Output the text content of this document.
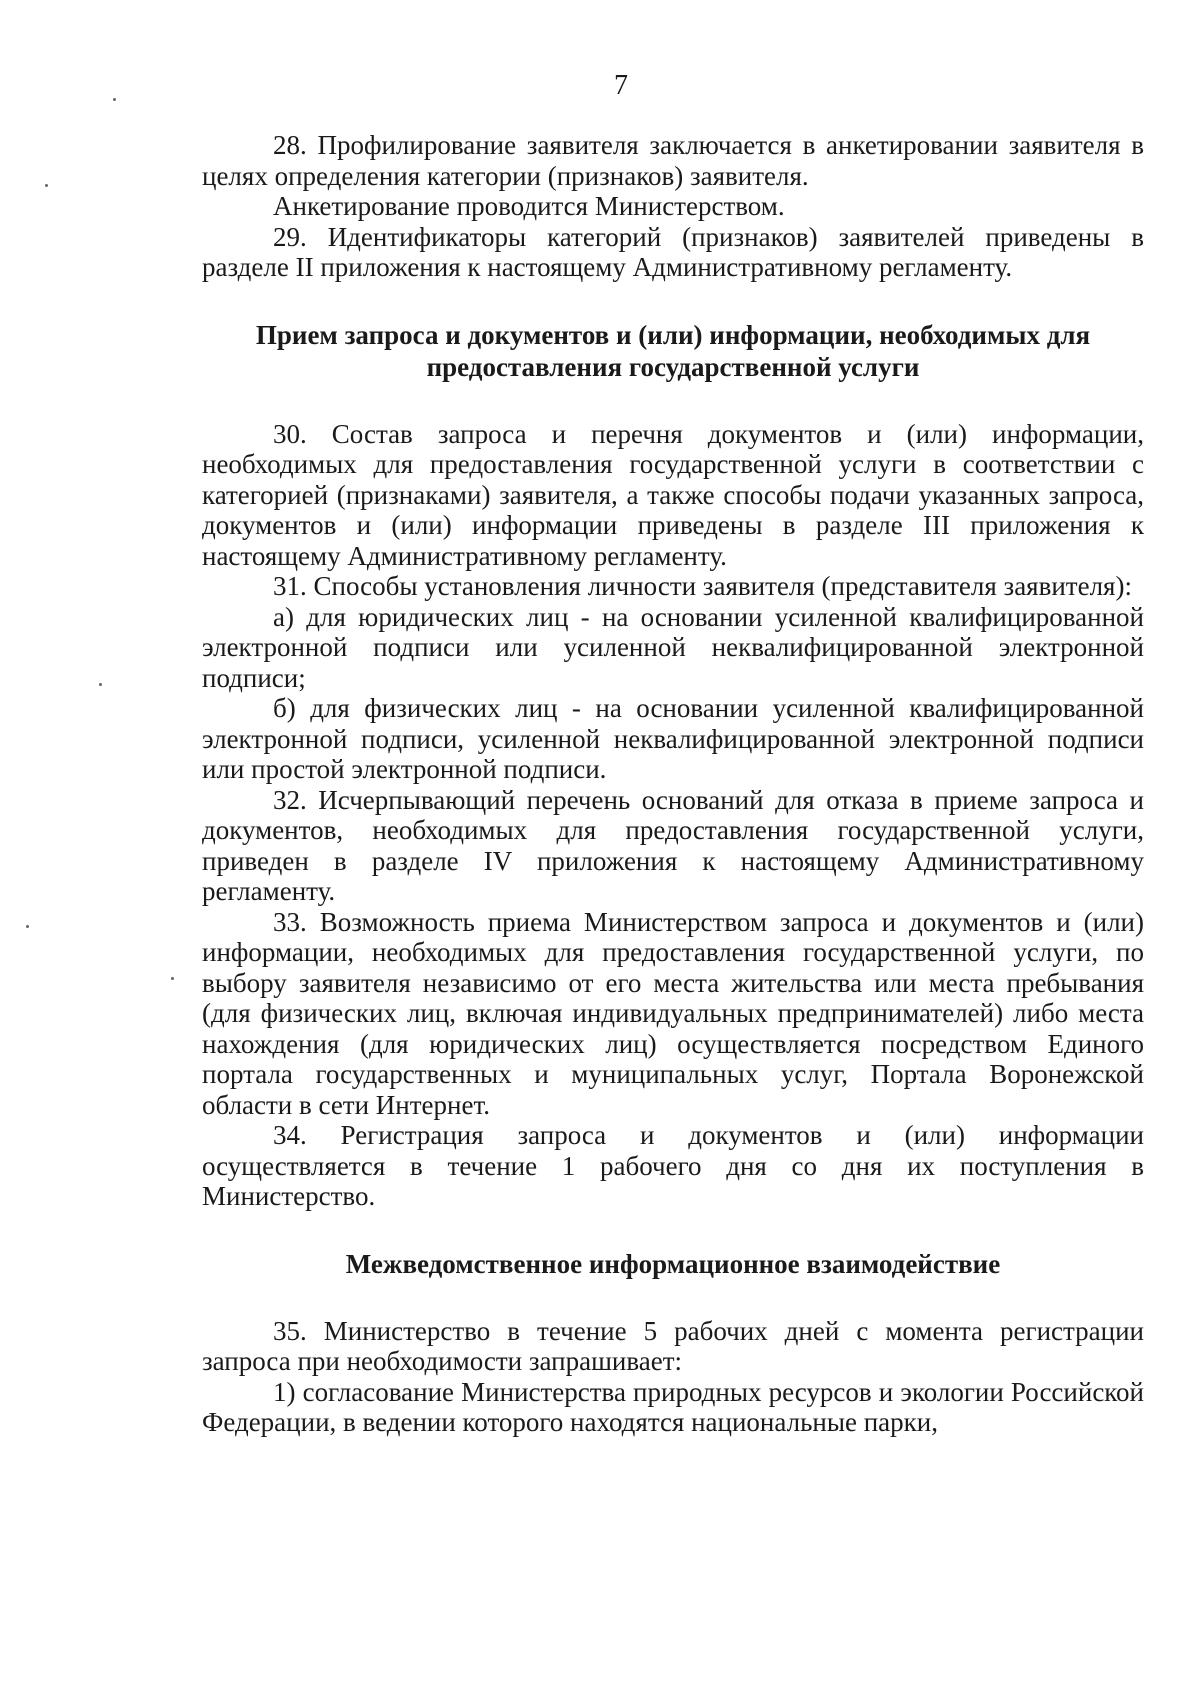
7

28. Профилирование заявителя заключается в анкетировании заявителя в целях определения категории (признаков) заявителя.

Анкетирование проводится Министерством.

29. Идентификаторы категорий (признаков) заявителей приведены в разделе II приложения к настоящему Административному регламенту.

Прием запроса и документов и (или) информации, необходимых для предоставления государственной услуги

30. Состав запроса и перечня документов и (или) информации, необходимых для предоставления государственной услуги в соответствии с категорией (признаками) заявителя, а также способы подачи указанных запроса, документов и (или) информации приведены в разделе III приложения к настоящему Административному регламенту.

31. Способы установления личности заявителя (представителя заявителя):

а) для юридических лиц - на основании усиленной квалифицированной электронной подписи или усиленной неквалифицированной электронной подписи;

б) для физических лиц - на основании усиленной квалифицированной электронной подписи, усиленной неквалифицированной электронной подписи или простой электронной подписи.

32. Исчерпывающий перечень оснований для отказа в приеме запроса и документов, необходимых для предоставления государственной услуги, приведен в разделе IV приложения к настоящему Административному регламенту.

33. Возможность приема Министерством запроса и документов и (или) информации, необходимых для предоставления государственной услуги, по выбору заявителя независимо от его места жительства или места пребывания (для физических лиц, включая индивидуальных предпринимателей) либо места нахождения (для юридических лиц) осуществляется посредством Единого портала государственных и муниципальных услуг, Портала Воронежской области в сети Интернет.

34. Регистрация запроса и документов и (или) информации осуществляется в течение 1 рабочего дня со дня их поступления в Министерство.

Межведомственное информационное взаимодействие

35. Министерство в течение 5 рабочих дней с момента регистрации запроса при необходимости запрашивает:

1) согласование Министерства природных ресурсов и экологии Российской Федерации, в ведении которого находятся национальные парки,
